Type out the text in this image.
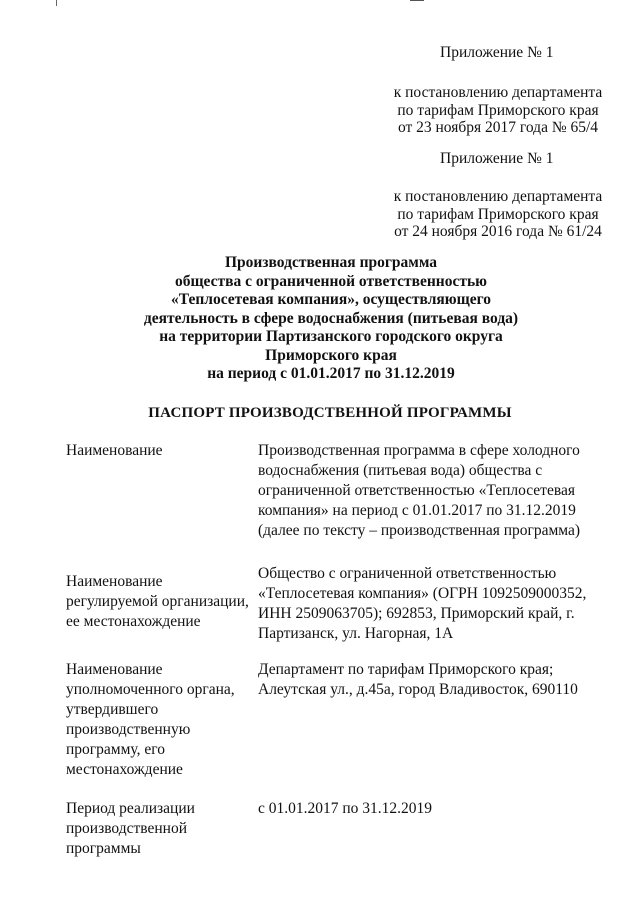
Приложение № 1
к постановлению департамента
по тарифам Приморского края
от 23 ноября 2017 года № 65/4
Приложение № 1
к постановлению департамента
по тарифам Приморского края
от 24 ноября 2016 года № 61/24
Производственная программа
общества с ограниченной ответственностью
«Теплосетевая компания», осуществляющего
деятельность в сфере водоснабжения (питьевая вода)
на территории Партизанского городского округа
Приморского края
на период с 01.01.2017 по 31.12.2019
ПАСПОРТ ПРОИЗВОДСТВЕННОЙ ПРОГРАММЫ
Наименование	Производственная программа в сфере холодного
водоснабжения (питьевая вода) общества с
ограниченной ответственностью «Теплосетевая
компания» на период с 01.01.2017 по 31.12.2019
(далее по тексту – производственная программа)
Наименование
регулируемой организации,
ее местонахождение
Общество с ограниченной ответственностью
«Теплосетевая компания» (ОГРН 1092509000352,
ИНН 2509063705); 692853, Приморский край, г.
Партизанск, ул. Нагорная, 1А
Наименование
уполномоченного органа,
утвердившего
производственную
программу, его
местонахождение
Департамент по тарифам Приморского края;
Алеутская ул., д.45а, город Владивосток, 690110
Период реализации
производственной
программы
с 01.01.2017 по 31.12.2019
